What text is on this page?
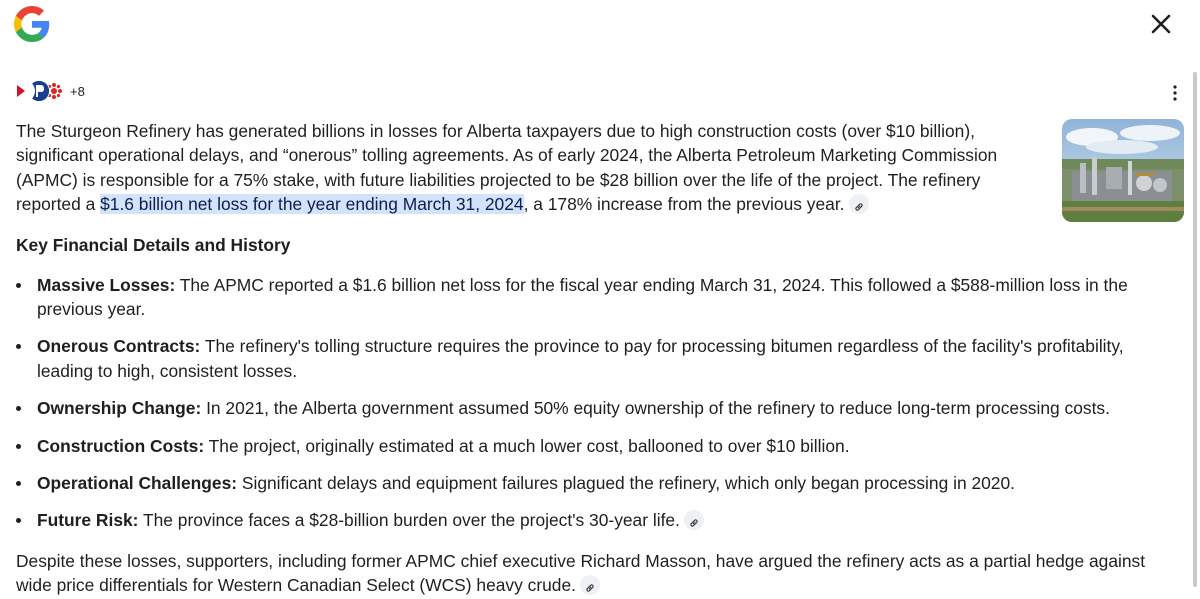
+8

The Sturgeon Refinery has generated billions in losses for Alberta taxpayers due to high construction costs (over $10 billion), significant operational delays, and “onerous” tolling agreements. As of early 2024, the Alberta Petroleum Marketing Commission (APMC) is responsible for a 75% stake, with future liabilities projected to be $28 billion over the life of the project. The refinery reported a $1.6 billion net loss for the year ending March 31, 2024, a 178% increase from the previous year.

Key Financial Details and History
Massive Losses: The APMC reported a $1.6 billion net loss for the fiscal year ending March 31, 2024. This followed a $588-million loss in the previous year.
Onerous Contracts: The refinery's tolling structure requires the province to pay for processing bitumen regardless of the facility's profitability, leading to high, consistent losses.
Ownership Change: In 2021, the Alberta government assumed 50% equity ownership of the refinery to reduce long-term processing costs.
Construction Costs: The project, originally estimated at a much lower cost, ballooned to over $10 billion.
Operational Challenges: Significant delays and equipment failures plagued the refinery, which only began processing in 2020.
Future Risk: The province faces a $28-billion burden over the project's 30-year life.

Despite these losses, supporters, including former APMC chief executive Richard Masson, have argued the refinery acts as a partial hedge against wide price differentials for Western Canadian Select (WCS) heavy crude.
